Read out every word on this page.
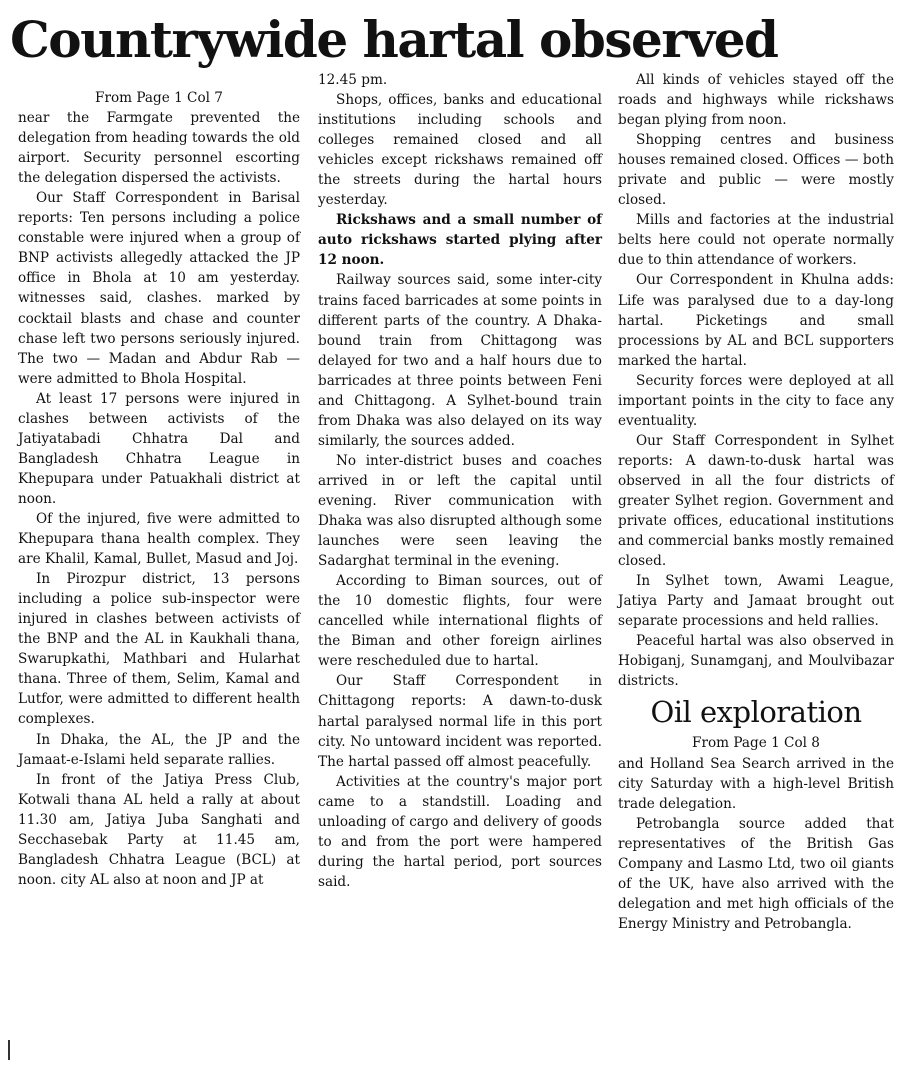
Countrywide hartal observed

From Page 1 Col 7

near the Farmgate prevented the delegation from heading towards the old airport. Security personnel escorting the delegation dispersed the activists.

Our Staff Correspondent in Barisal reports: Ten persons including a police constable were injured when a group of BNP activists allegedly attacked the JP office in Bhola at 10 am yesterday. witnesses said, clashes. marked by cocktail blasts and chase and counter chase left two persons seriously injured. The two — Madan and Abdur Rab — were admitted to Bhola Hospital.

At least 17 persons were injured in clashes between activists of the Jatiyatabadi Chhatra Dal and Bangladesh Chhatra League in Khepupara under Patuakhali district at noon.

Of the injured, five were admitted to Khepupara thana health complex. They are Khalil, Kamal, Bullet, Masud and Joj.

In Pirozpur district, 13 persons including a police sub-inspector were injured in clashes between activists of the BNP and the AL in Kaukhali thana, Swarupkathi, Mathbari and Hularhat thana. Three of them, Selim, Kamal and Lutfor, were admitted to different health complexes.

In Dhaka, the AL, the JP and the Jamaat-e-Islami held separate rallies.

In front of the Jatiya Press Club, Kotwali thana AL held a rally at about 11.30 am, Jatiya Juba Sanghati and Secchasebak Party at 11.45 am, Bangladesh Chhatra League (BCL) at noon. city AL also at noon and JP at

12.45 pm.

Shops, offices, banks and educational institutions including schools and colleges remained closed and all vehicles except rickshaws remained off the streets during the hartal hours yesterday.

Rickshaws and a small number of auto rickshaws started plying after 12 noon.

Railway sources said, some inter-city trains faced barricades at some points in different parts of the country. A Dhaka-bound train from Chittagong was delayed for two and a half hours due to barricades at three points between Feni and Chittagong. A Sylhet-bound train from Dhaka was also delayed on its way similarly, the sources added.

No inter-district buses and coaches arrived in or left the capital until evening. River communication with Dhaka was also disrupted although some launches were seen leaving the Sadarghat terminal in the evening.

According to Biman sources, out of the 10 domestic flights, four were cancelled while international flights of the Biman and other foreign airlines were rescheduled due to hartal.

Our Staff Correspondent in Chittagong reports: A dawn-to-dusk hartal paralysed normal life in this port city. No untoward incident was reported. The hartal passed off almost peacefully.

Activities at the country's major port came to a standstill. Loading and unloading of cargo and delivery of goods to and from the port were hampered during the hartal period, port sources said.

All kinds of vehicles stayed off the roads and highways while rickshaws began plying from noon.

Shopping centres and business houses remained closed. Offices — both private and public — were mostly closed.

Mills and factories at the industrial belts here could not operate normally due to thin attendance of workers.

Our Correspondent in Khulna adds: Life was paralysed due to a day-long hartal. Picketings and small processions by AL and BCL supporters marked the hartal.

Security forces were deployed at all important points in the city to face any eventuality.

Our Staff Correspondent in Sylhet reports: A dawn-to-dusk hartal was observed in all the four districts of greater Sylhet region. Government and private offices, educational institutions and commercial banks mostly remained closed.

In Sylhet town, Awami League, Jatiya Party and Jamaat brought out separate processions and held rallies.

Peaceful hartal was also observed in Hobiganj, Sunamganj, and Moulvibazar districts.

Oil exploration

From Page 1 Col 8

and Holland Sea Search arrived in the city Saturday with a high-level British trade delegation.

Petrobangla source added that representatives of the British Gas Company and Lasmo Ltd, two oil giants of the UK, have also arrived with the delegation and met high officials of the Energy Ministry and Petrobangla.
